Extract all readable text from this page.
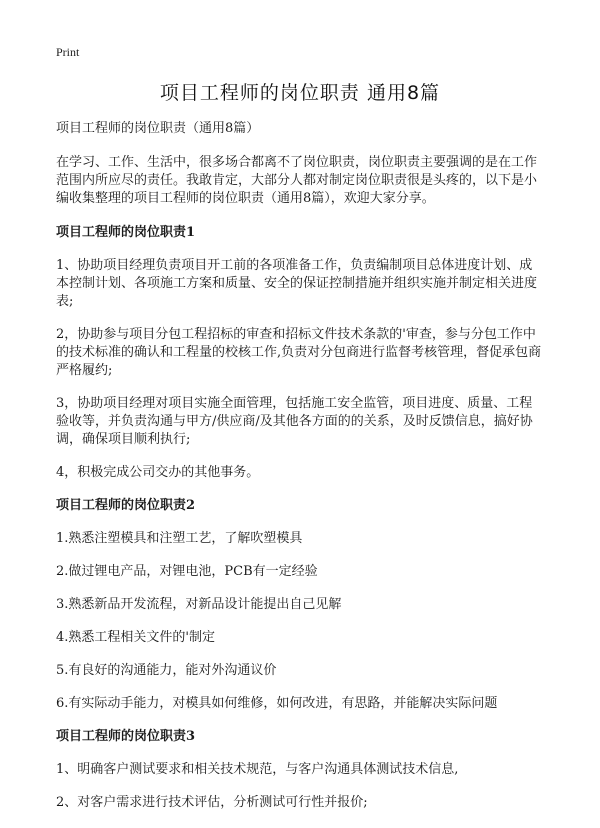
Print
项目工程师的岗位职责 通用8篇

项目工程师的岗位职责（通用8篇）

在学习、工作、生活中，很多场合都离不了岗位职责，岗位职责主要强调的是在工作范围内所应尽的责任。我敢肯定，大部分人都对制定岗位职责很是头疼的，以下是小编收集整理的项目工程师的岗位职责（通用8篇），欢迎大家分享。

项目工程师的岗位职责1

1、协助项目经理负责项目开工前的各项准备工作，负责编制项目总体进度计划、成本控制计划、各项施工方案和质量、安全的保证控制措施并组织实施并制定相关进度表;

2，协助参与项目分包工程招标的审查和招标文件技术条款的'审查，参与分包工作中的技术标准的确认和工程量的校核工作,负责对分包商进行监督考核管理，督促承包商严格履约;

3，协助项目经理对项目实施全面管理，包括施工安全监管，项目进度、质量、工程验收等，并负责沟通与甲方/供应商/及其他各方面的的关系，及时反馈信息，搞好协调，确保项目顺利执行;

4，积极完成公司交办的其他事务。

项目工程师的岗位职责2

1.熟悉注塑模具和注塑工艺，了解吹塑模具

2.做过锂电产品，对锂电池，PCB有一定经验

3.熟悉新品开发流程，对新品设计能提出自己见解

4.熟悉工程相关文件的'制定

5.有良好的沟通能力，能对外沟通议价

6.有实际动手能力，对模具如何维修，如何改进，有思路，并能解决实际问题

项目工程师的岗位职责3

1、明确客户测试要求和相关技术规范，与客户沟通具体测试技术信息,

2、对客户需求进行技术评估，分析测试可行性并报价;
